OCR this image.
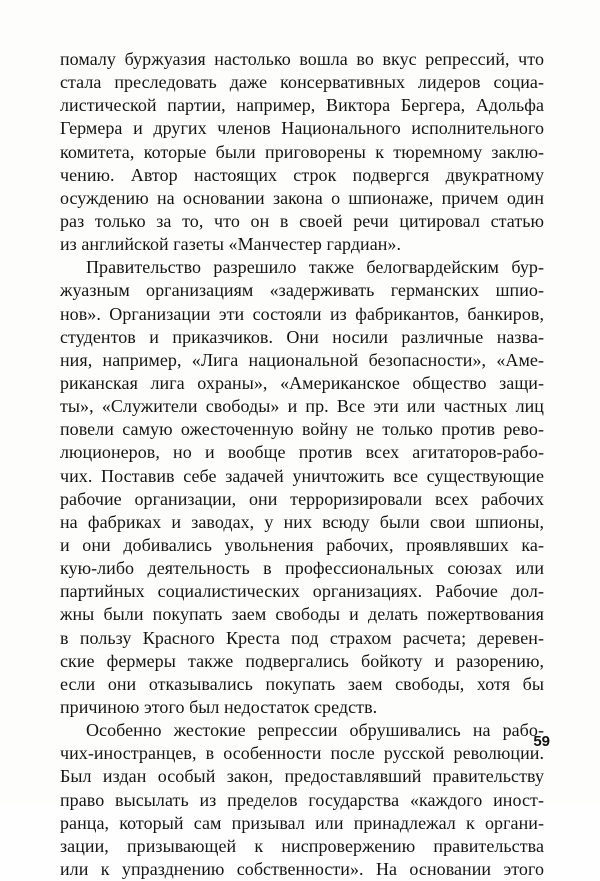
помалу буржуазия настолько вошла во вкус репрессий, что
стала преследовать даже консервативных лидеров социа-
листической партии, например, Виктора Бергера, Адольфа
Гермера и других членов Национального исполнительного
комитета, которые были приговорены к тюремному заклю-
чению. Автор настоящих строк подвергся двукратному
осуждению на основании закона о шпионаже, причем один
раз только за то, что он в своей речи цитировал статью
из английской газеты «Манчестер гардиан».
Правительство разрешило также белогвардейским бур-
жуазным организациям «задерживать германских шпио-
нов». Организации эти состояли из фабрикантов, банкиров,
студентов и приказчиков. Они носили различные назва-
ния, например, «Лига национальной безопасности», «Аме-
риканская лига охраны», «Американское общество защи-
ты», «Служители свободы» и пр. Все эти или частных лиц
повели самую ожесточенную войну не только против рево-
люционеров, но и вообще против всех агитаторов-рабо-
чих. Поставив себе задачей уничтожить все существующие
рабочие организации, они терроризировали всех рабочих
на фабриках и заводах, у них всюду были свои шпионы,
и они добивались увольнения рабочих, проявлявших ка-
кую-либо деятельность в профессиональных союзах или
партийных социалистических организациях. Рабочие дол-
жны были покупать заем свободы и делать пожертвования
в пользу Красного Креста под страхом расчета; деревен-
ские фермеры также подвергались бойкоту и разорению,
если они отказывались покупать заем свободы, хотя бы
причиною этого был недостаток средств.
Особенно жестокие репрессии обрушивались на рабо-
чих-иностранцев, в особенности после русской революции.
Был издан особый закон, предоставлявший правительству
право высылать из пределов государства «каждого иност-
ранца, который сам призывал или принадлежал к органи-
зации, призывающей к ниспровержению правительства
или к упразднению собственности». На основании этого
59
